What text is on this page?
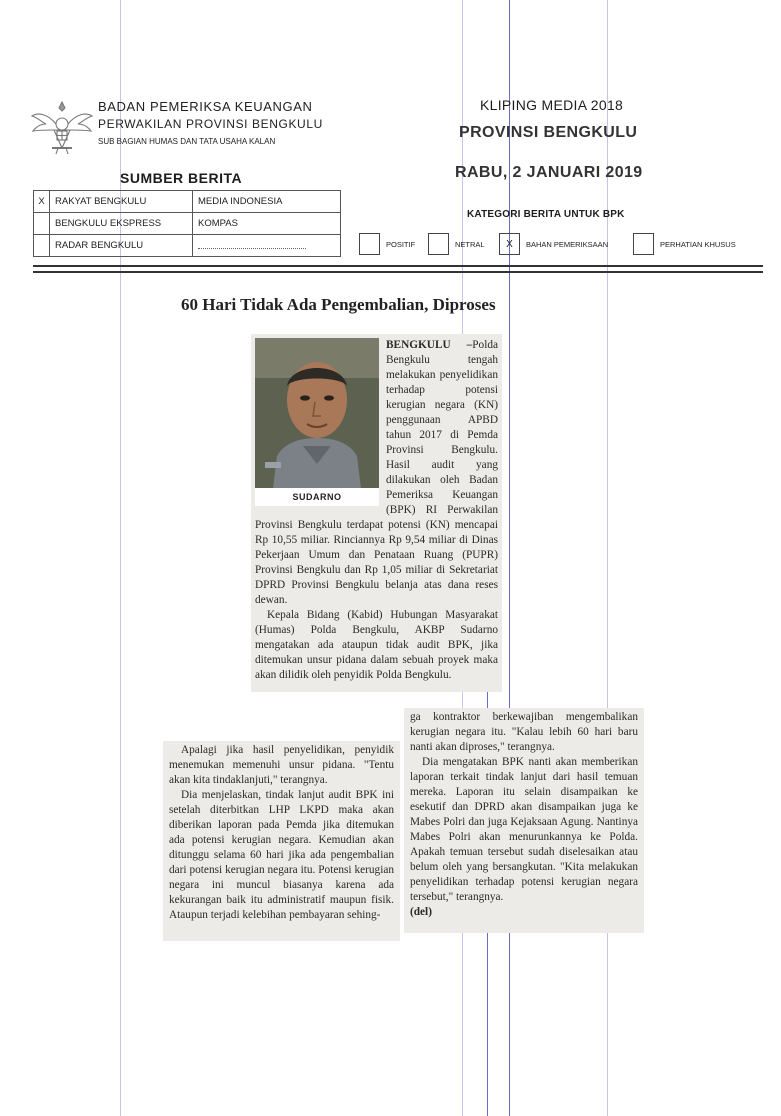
BADAN PEMERIKSA KEUANGAN
PERWAKILAN PROVINSI BENGKULU
SUB BAGIAN HUMAS DAN TATA USAHA KALAN
SUMBER BERITA
X	RAKYAT BENGKULU	MEDIA INDONESIA
	BENGKULU EKSPRESS	KOMPAS
	RADAR BENGKULU	
KLIPING MEDIA 2018
PROVINSI BENGKULU
RABU, 2 JANUARI 2019
KATEGORI BERITA UNTUK BPK
POSITIF	NETRAL	X	BAHAN PEMERIKSAAN	PERHATIAN KHUSUS
60 Hari Tidak Ada Pengembalian, Diproses
SUDARNO

BENGKULU –Polda Bengkulu tengah melakukan penyelidikan terhadap potensi kerugian negara (KN) penggunaan APBD tahun 2017 di Pemda Provinsi Bengkulu. Hasil audit yang dilakukan oleh Badan Pemeriksa Keuangan (BPK) RI Perwakilan Provinsi Bengkulu terdapat potensi (KN) mencapai Rp 10,55 miliar. Rinciannya Rp 9,54 miliar di Dinas Pekerjaan Umum dan Penataan Ruang (PUPR) Provinsi Bengkulu dan Rp 1,05 miliar di Sekretariat DPRD Provinsi Bengkulu belanja atas dana reses dewan.

Kepala Bidang (Kabid) Hubungan Masyarakat (Humas) Polda Bengkulu, AKBP Sudarno mengatakan ada ataupun tidak audit BPK, jika ditemukan unsur pidana dalam sebuah proyek maka akan dilidik oleh penyidik Polda Bengkulu.

Apalagi jika hasil penyelidikan, penyidik menemukan memenuhi unsur pidana. "Tentu akan kita tindaklanjuti," terangnya.

Dia menjelaskan, tindak lanjut audit BPK ini setelah diterbitkan LHP LKPD maka akan diberikan laporan pada Pemda jika ditemukan ada potensi kerugian negara. Kemudian akan ditunggu selama 60 hari jika ada pengembalian dari potensi kerugian negara itu. Potensi kerugian negara ini muncul biasanya karena ada kekurangan baik itu administratif maupun fisik. Ataupun terjadi kelebihan pembayaran sehing-

ga kontraktor berkewajiban mengembalikan kerugian negara itu. "Kalau lebih 60 hari baru nanti akan diproses," terangnya.

Dia mengatakan BPK nanti akan memberikan laporan terkait tindak lanjut dari hasil temuan mereka. Laporan itu selain disampaikan ke esekutif dan DPRD akan disampaikan juga ke Mabes Polri dan juga Kejaksaan Agung. Nantinya Mabes Polri akan menurunkannya ke Polda. Apakah temuan tersebut sudah diselesaikan atau belum oleh yang bersangkutan. "Kita melakukan penyelidikan terhadap potensi kerugian negara tersebut," terangnya.

(del)
